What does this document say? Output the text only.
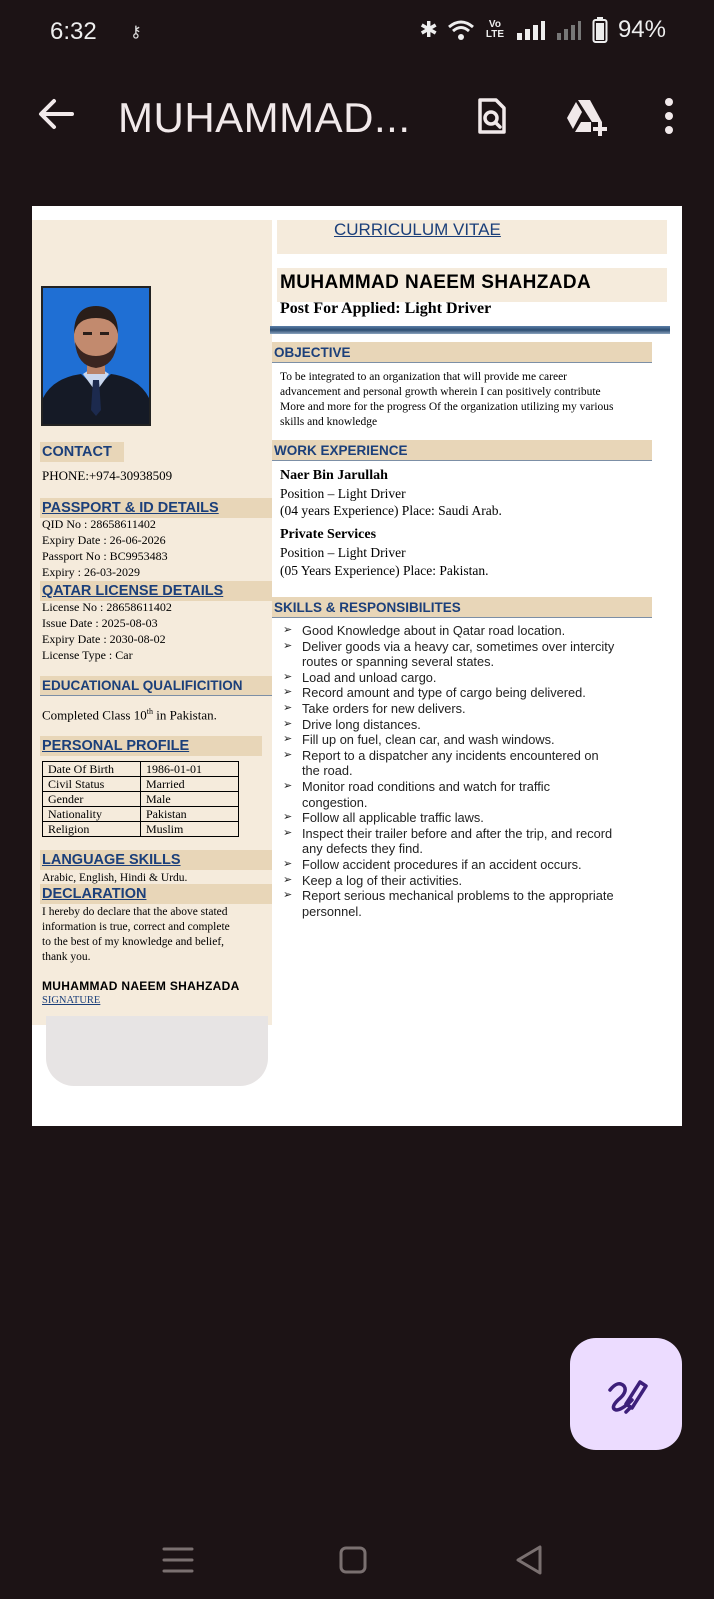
6:32 ⚷	✱	Vo LTE	94%
MUHAMMAD...
CURRICULUM VITAE
MUHAMMAD NAEEM SHAHZADA
Post For Applied: Light Driver
CONTACT
PHONE:+974-30938509
PASSPORT & ID DETAILS
QID No : 28658611402
Expiry Date : 26-06-2026
Passport No : BC9953483
Expiry : 26-03-2029
QATAR LICENSE DETAILS
License No : 28658611402
Issue Date : 2025-08-03
Expiry Date : 2030-08-02
License Type : Car
EDUCATIONAL QUALIFICITION
Completed Class 10th in Pakistan.
PERSONAL PROFILE
Date Of Birth	1986-01-01
Civil Status	Married
Gender	Male
Nationality	Pakistan
Religion	Muslim
LANGUAGE SKILLS
Arabic, English, Hindi & Urdu.
DECLARATION
I hereby do declare that the above stated
information is true, correct and complete
to the best of my knowledge and belief,
thank you.
MUHAMMAD NAEEM SHAHZADA
SIGNATURE
OBJECTIVE
To be integrated to an organization that will provide me career
advancement and personal growth wherein I can positively contribute
More and more for the progress Of the organization utilizing my various
skills and knowledge
WORK EXPERIENCE
Naer Bin Jarullah
Position – Light Driver
(04 years Experience) Place: Saudi Arab.
Private Services
Position – Light Driver
(05 Years Experience) Place: Pakistan.
SKILLS & RESPONSIBILITES
➢ Good Knowledge about in Qatar road location.
➢ Deliver goods via a heavy car, sometimes over intercity
routes or spanning several states.
➢ Load and unload cargo.
➢ Record amount and type of cargo being delivered.
➢ Take orders for new delivers.
➢ Drive long distances.
➢ Fill up on fuel, clean car, and wash windows.
➢ Report to a dispatcher any incidents encountered on
the road.
➢ Monitor road conditions and watch for traffic
congestion.
➢ Follow all applicable traffic laws.
➢ Inspect their trailer before and after the trip, and record
any defects they find.
➢ Follow accident procedures if an accident occurs.
➢ Keep a log of their activities.
➢ Report serious mechanical problems to the appropriate
personnel.
